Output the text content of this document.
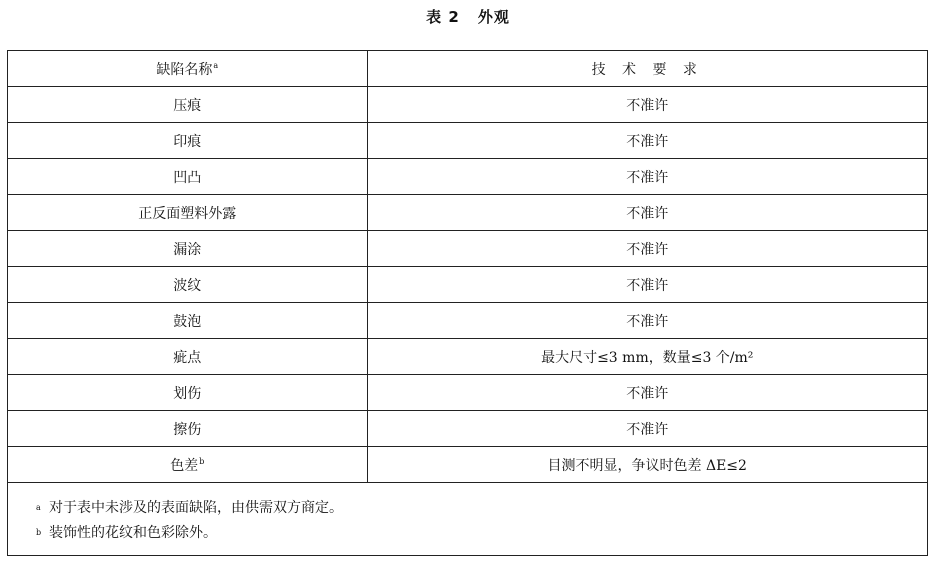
表 2 外观
缺陷名称$^a$	技 术 要 求
压痕	不准许
印痕	不准许
凹凸	不准许
正反面塑料外露	不准许
漏涂	不准许
波纹	不准许
鼓泡	不准许
疵点	最大尺寸≤3 mm，数量≤3 个/m²
划伤	不准许
擦伤	不准许
色差$^b$	目测不明显，争议时色差 ΔE≤2
a 对于表中未涉及的表面缺陷，由供需双方商定。
b 装饰性的花纹和色彩除外。
